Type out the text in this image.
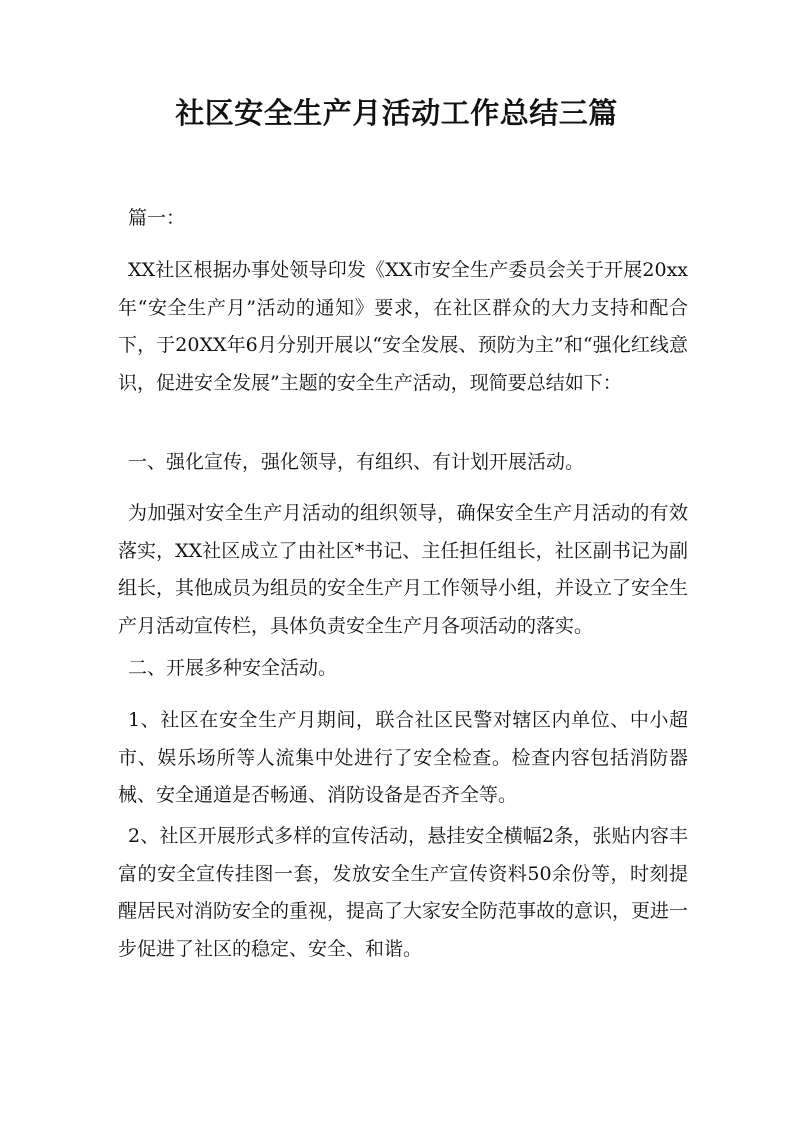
社区安全生产月活动工作总结三篇

篇一：

XX社区根据办事处领导印发《XX市安全生产委员会关于开展20xx年“安全生产月”活动的通知》要求，在社区群众的大力支持和配合下，于20XX年6月分别开展以“安全发展、预防为主”和“强化红线意识，促进安全发展”主题的安全生产活动，现简要总结如下：

一、强化宣传，强化领导，有组织、有计划开展活动。

为加强对安全生产月活动的组织领导，确保安全生产月活动的有效落实，XX社区成立了由社区*书记、主任担任组长，社区副书记为副组长，其他成员为组员的安全生产月工作领导小组，并设立了安全生产月活动宣传栏，具体负责安全生产月各项活动的落实。

二、开展多种安全活动。

1、社区在安全生产月期间，联合社区民警对辖区内单位、中小超市、娱乐场所等人流集中处进行了安全检查。检查内容包括消防器械、安全通道是否畅通、消防设备是否齐全等。

2、社区开展形式多样的宣传活动，悬挂安全横幅2条，张贴内容丰富的安全宣传挂图一套，发放安全生产宣传资料50余份等，时刻提醒居民对消防安全的重视，提高了大家安全防范事故的意识，更进一步促进了社区的稳定、安全、和谐。
